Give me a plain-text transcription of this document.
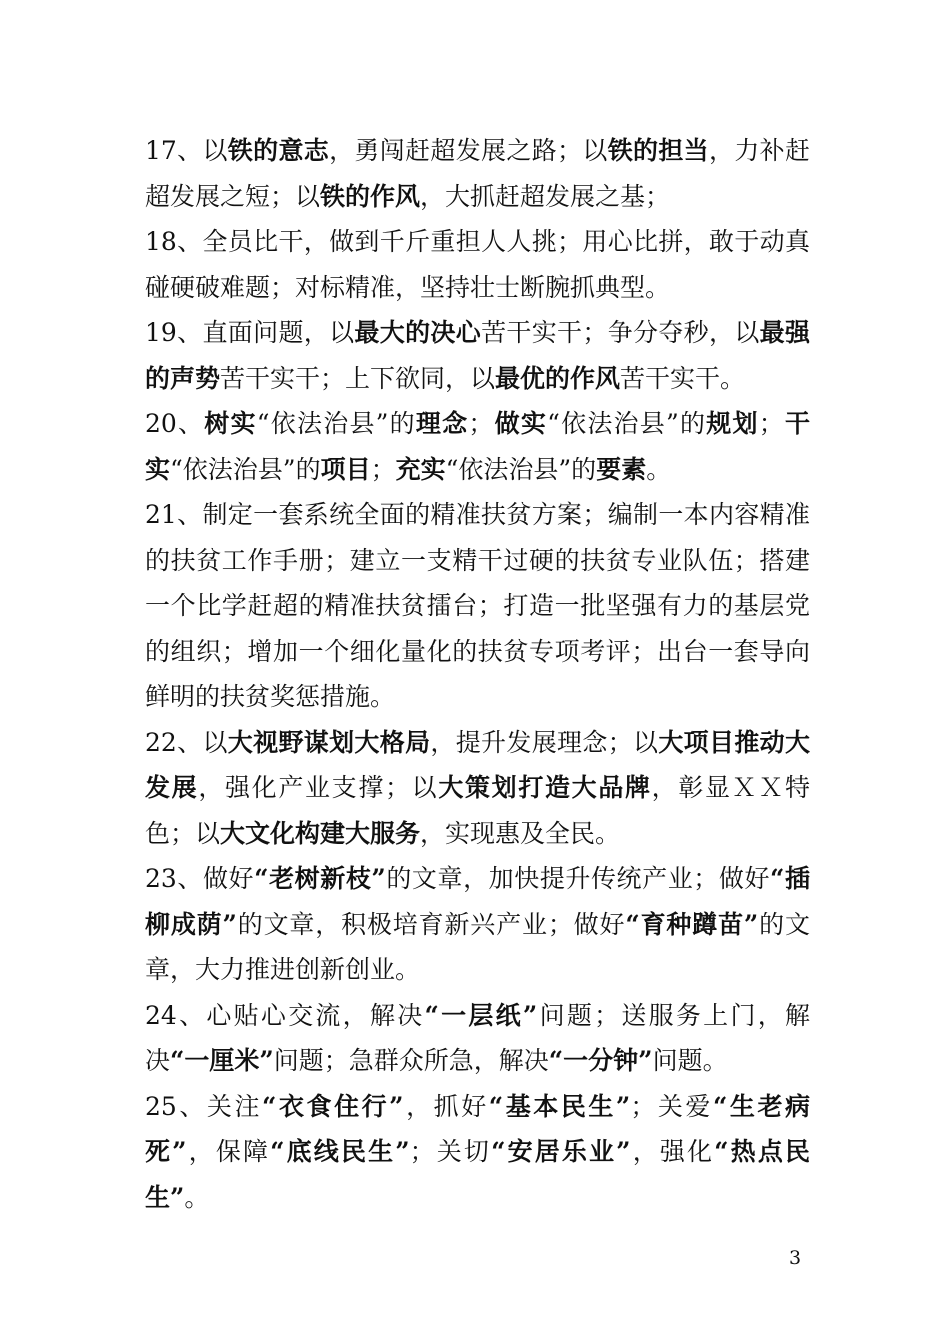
17、以铁的意志，勇闯赶超发展之路；以铁的担当，力补赶超发展之短；以铁的作风，大抓赶超发展之基；

18、全员比干，做到千斤重担人人挑；用心比拼，敢于动真碰硬破难题；对标精准，坚持壮士断腕抓典型。

19、直面问题，以最大的决心苦干实干；争分夺秒，以最强的声势苦干实干；上下欲同，以最优的作风苦干实干。

20、树实“依法治县”的理念；做实“依法治县”的规划；干实“依法治县”的项目；充实“依法治县”的要素。

21、制定一套系统全面的精准扶贫方案；编制一本内容精准的扶贫工作手册；建立一支精干过硬的扶贫专业队伍；搭建一个比学赶超的精准扶贫擂台；打造一批坚强有力的基层党的组织；增加一个细化量化的扶贫专项考评；出台一套导向鲜明的扶贫奖惩措施。

22、以大视野谋划大格局，提升发展理念；以大项目推动大发展，强化产业支撑；以大策划打造大品牌，彰显ＸＸ特色；以大文化构建大服务，实现惠及全民。

23、做好“老树新枝”的文章，加快提升传统产业；做好“插柳成荫”的文章，积极培育新兴产业；做好“育种蹲苗”的文章，大力推进创新创业。

24、心贴心交流，解决“一层纸”问题；送服务上门，解决“一厘米”问题；急群众所急，解决“一分钟”问题。

25、关注“衣食住行”，抓好“基本民生”；关爱“生老病死”，保障“底线民生”；关切“安居乐业”，强化“热点民生”。

3
